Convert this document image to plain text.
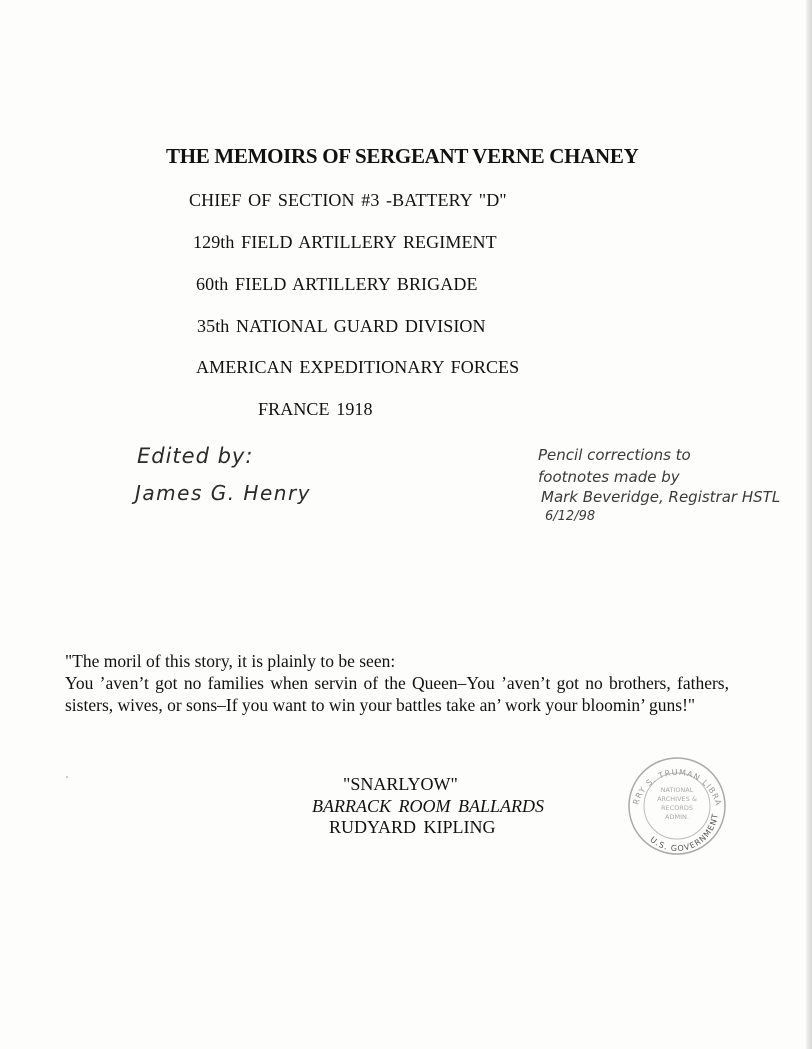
THE MEMOIRS OF SERGEANT VERNE CHANEY
CHIEF OF SECTION #3 -BATTERY "D"
129th FIELD ARTILLERY REGIMENT
60th FIELD ARTILLERY BRIGADE
35th NATIONAL GUARD DIVISION
AMERICAN EXPEDITIONARY FORCES
FRANCE 1918
Edited by:
James G. Henry
Pencil corrections to
footnotes made by
Mark Beveridge, Registrar HSTL
6/12/98

"The moril of this story, it is plainly to be seen:

You ’aven’t got no families when servin of the Queen–You ’aven’t got no brothers, fathers, sisters, wives, or sons–If you want to win your battles take an’ work your bloomin’ guns!"

"SNARLYOW"
BARRACK ROOM BALLARDS
RUDYARD KIPLING
RRY S. TRUMAN LIBRA
U.S. GOVERNMENT
NATIONAL
ARCHIVES &
RECORDS
ADMIN.
